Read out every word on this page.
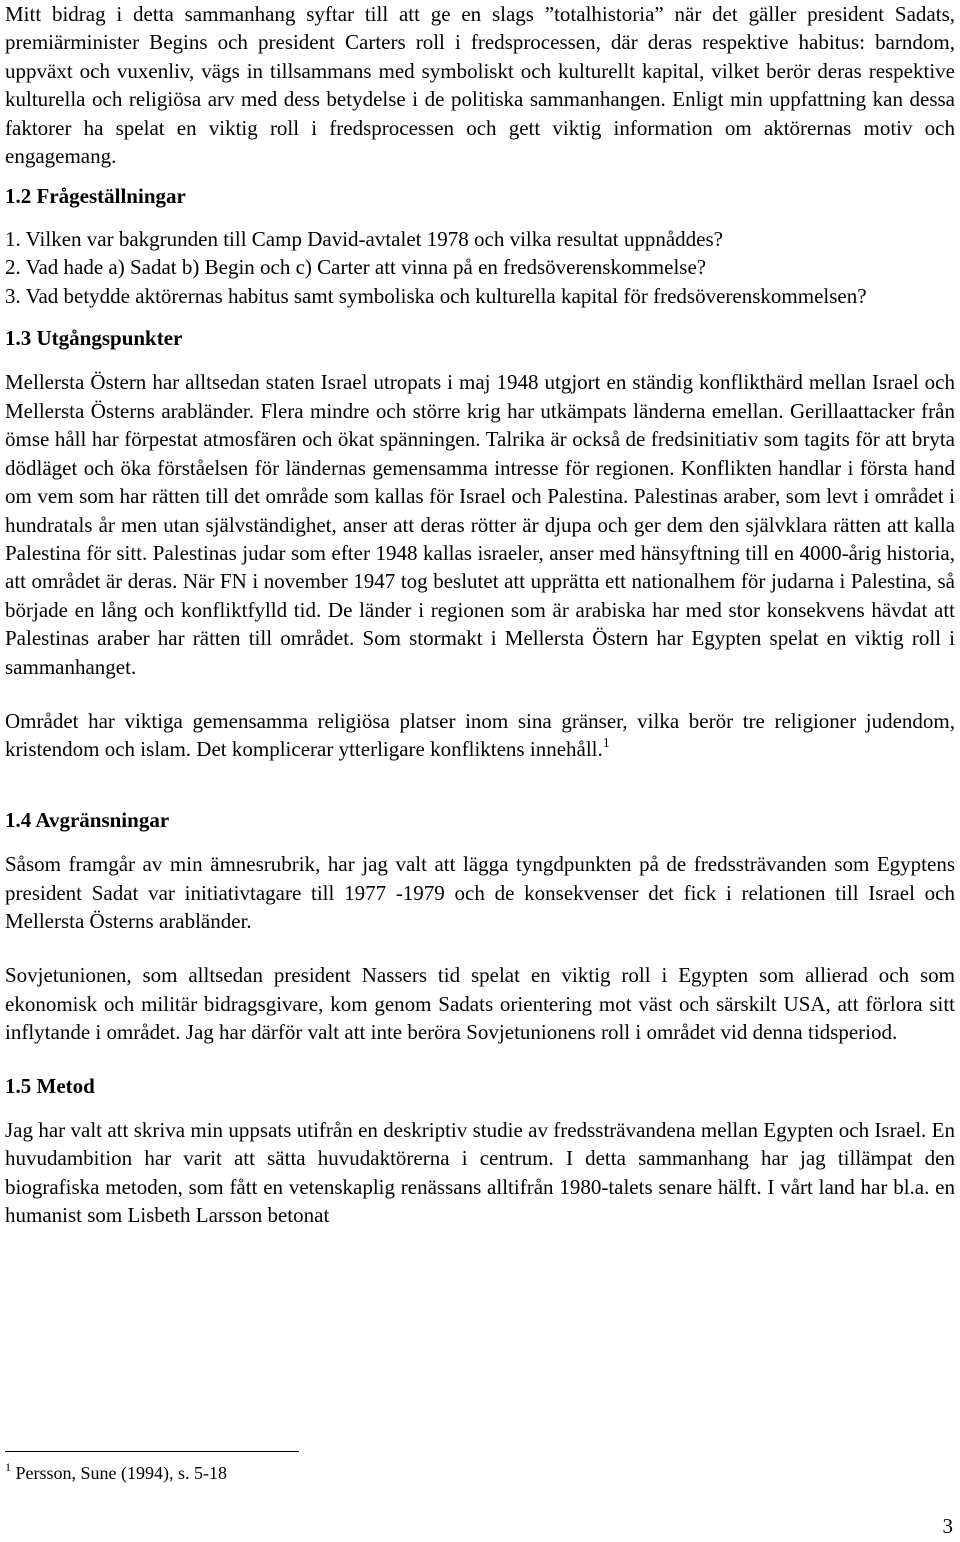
Mitt bidrag i detta sammanhang syftar till att ge en slags ”totalhistoria” när det gäller president Sadats, premiärminister Begins och president Carters roll i fredsprocessen, där deras respektive habitus: barndom, uppväxt och vuxenliv, vägs in tillsammans med symboliskt och kulturellt kapital, vilket berör deras respektive kulturella och religiösa arv med dess betydelse i de politiska sammanhangen. Enligt min uppfattning kan dessa faktorer ha spelat en viktig roll i fredsprocessen och gett viktig information om aktörernas motiv och engagemang.

1.2 Frågeställningar

1. Vilken var bakgrunden till Camp David-avtalet 1978 och vilka resultat uppnåddes?

2. Vad hade a) Sadat b) Begin och c) Carter att vinna på en fredsöverenskommelse?

3. Vad betydde aktörernas habitus samt symboliska och kulturella kapital för fredsöverenskommelsen?

1.3 Utgångspunkter

Mellersta Östern har alltsedan staten Israel utropats i maj 1948 utgjort en ständig konflikthärd mellan Israel och Mellersta Österns arabländer. Flera mindre och större krig har utkämpats länderna emellan. Gerillaattacker från ömse håll har förpestat atmosfären och ökat spänningen. Talrika är också de fredsinitiativ som tagits för att bryta dödläget och öka förståelsen för ländernas gemensamma intresse för regionen. Konflikten handlar i första hand om vem som har rätten till det område som kallas för Israel och Palestina. Palestinas araber, som levt i området i hundratals år men utan självständighet, anser att deras rötter är djupa och ger dem den självklara rätten att kalla Palestina för sitt. Palestinas judar som efter 1948 kallas israeler, anser med hänsyftning till en 4000-årig historia, att området är deras. När FN i november 1947 tog beslutet att upprätta ett nationalhem för judarna i Palestina, så började en lång och konfliktfylld tid. De länder i regionen som är arabiska har med stor konsekvens hävdat att Palestinas araber har rätten till området. Som stormakt i Mellersta Östern har Egypten spelat en viktig roll i sammanhanget.

Området har viktiga gemensamma religiösa platser inom sina gränser, vilka berör tre religioner judendom, kristendom och islam. Det komplicerar ytterligare konfliktens innehåll.$^1$

1.4 Avgränsningar

Såsom framgår av min ämnesrubrik, har jag valt att lägga tyngdpunkten på de fredssträvanden som Egyptens president Sadat var initiativtagare till 1977 -1979 och de konsekvenser det fick i relationen till Israel och Mellersta Österns arabländer.

Sovjetunionen, som alltsedan president Nassers tid spelat en viktig roll i Egypten som allierad och som ekonomisk och militär bidragsgivare, kom genom Sadats orientering mot väst och särskilt USA, att förlora sitt inflytande i området. Jag har därför valt att inte beröra Sovjetunionens roll i området vid denna tidsperiod.

1.5 Metod

Jag har valt att skriva min uppsats utifrån en deskriptiv studie av fredssträvandena mellan Egypten och Israel. En huvudambition har varit att sätta huvudaktörerna i centrum. I detta sammanhang har jag tillämpat den biografiska metoden, som fått en vetenskaplig renässans alltifrån 1980-talets senare hälft. I vårt land har bl.a. en humanist som Lisbeth Larsson betonat

$^1$ Persson, Sune (1994), s. 5-18
3
